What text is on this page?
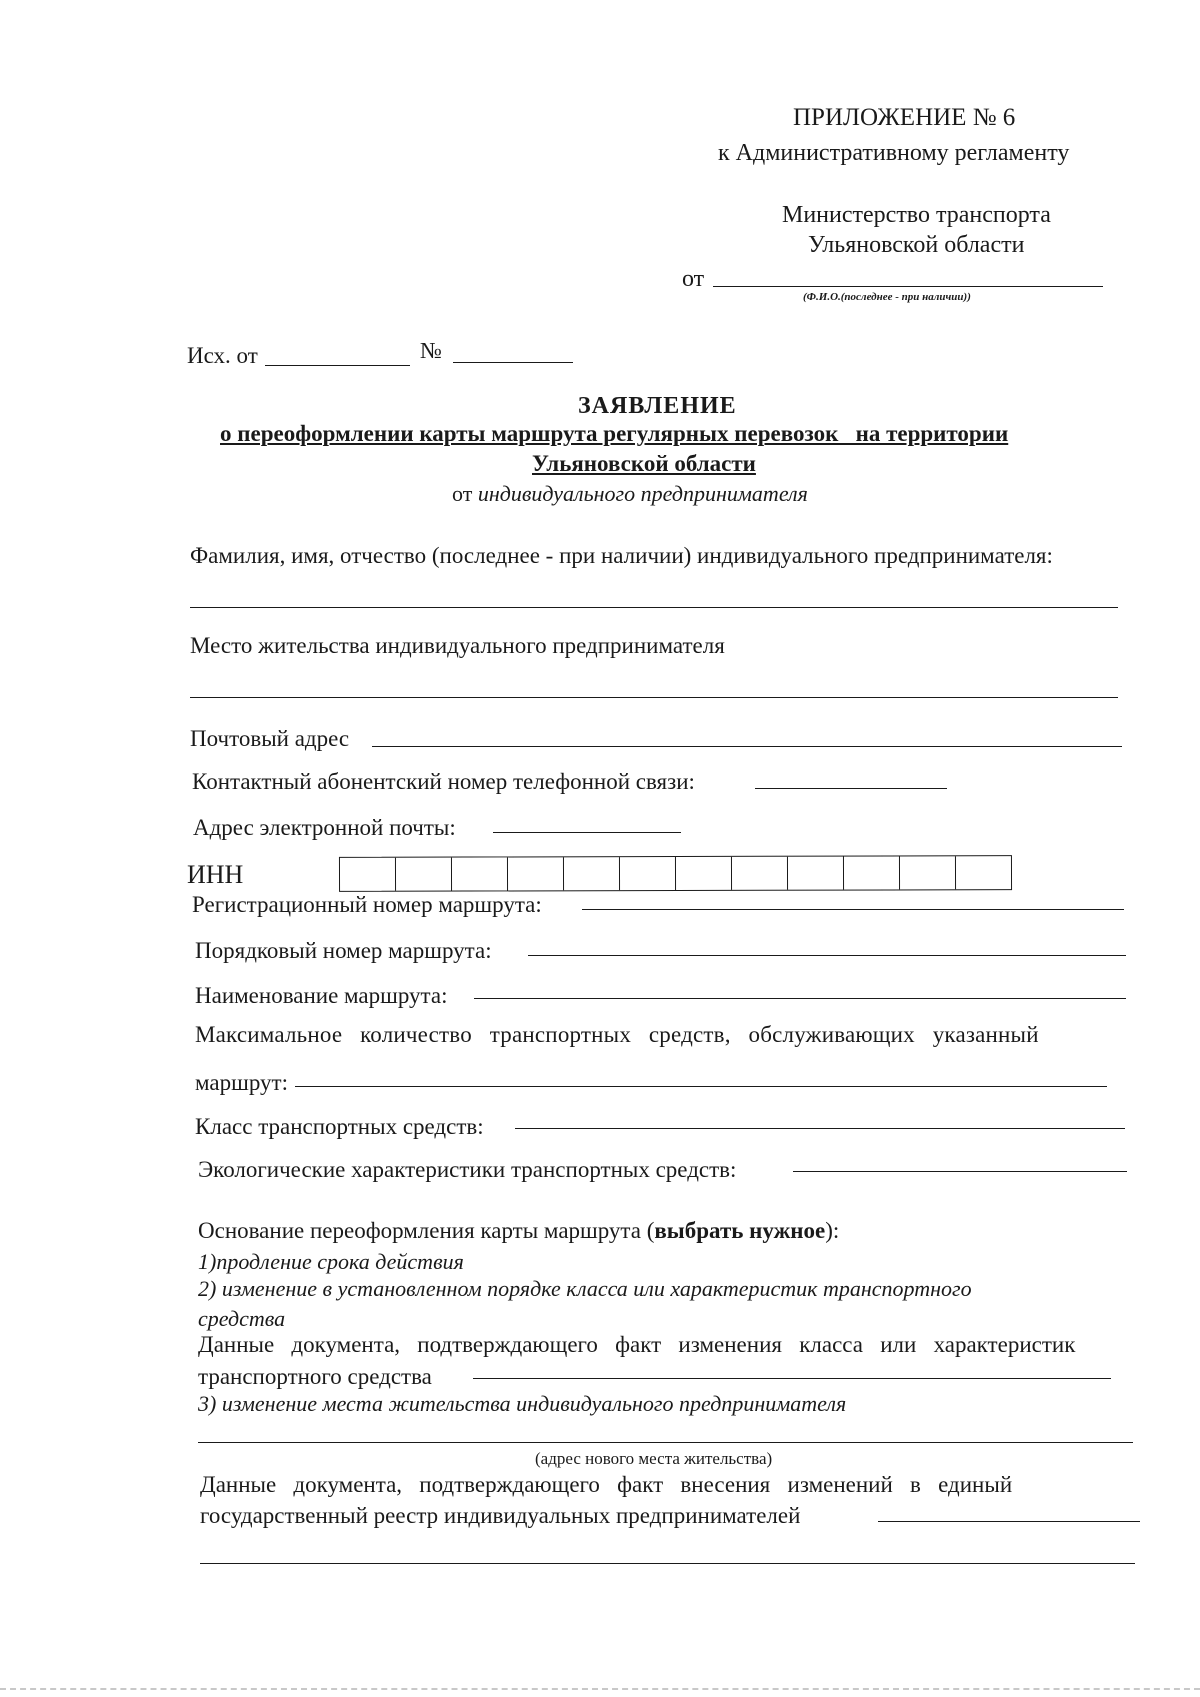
ПРИЛОЖЕНИЕ № 6
к Административному регламенту
Министерство транспорта
Ульяновской области
от
(Ф.И.О.(последнее - при наличии))
Исх. от	№
ЗАЯВЛЕНИЕ
о переоформлении карты маршрута регулярных перевозок   на территории
Ульяновской области
от индивидуального предпринимателя
Фамилия, имя, отчество (последнее - при наличии) индивидуального предпринимателя:
Место жительства индивидуального предпринимателя
Почтовый адрес
Контактный абонентский номер телефонной связи:
Адрес электронной почты:
ИНН
Регистрационный номер маршрута:
Порядковый номер маршрута:
Наименование маршрута:
Максимальное   количество   транспортных   средств,   обслуживающих   указанный
маршрут:
Класс транспортных средств:
Экологические характеристики транспортных средств:
Основание переоформления карты маршрута (выбрать нужное):
1)продление срока действия
2) изменение в установленном порядке класса или характеристик транспортного
средства
Данные   документа,   подтверждающего   факт   изменения   класса   или   характеристик
транспортного средства
3) изменение места жительства индивидуального предпринимателя
(адрес нового места жительства)
Данные   документа,   подтверждающего   факт   внесения   изменений   в   единый
государственный реестр индивидуальных предпринимателей
